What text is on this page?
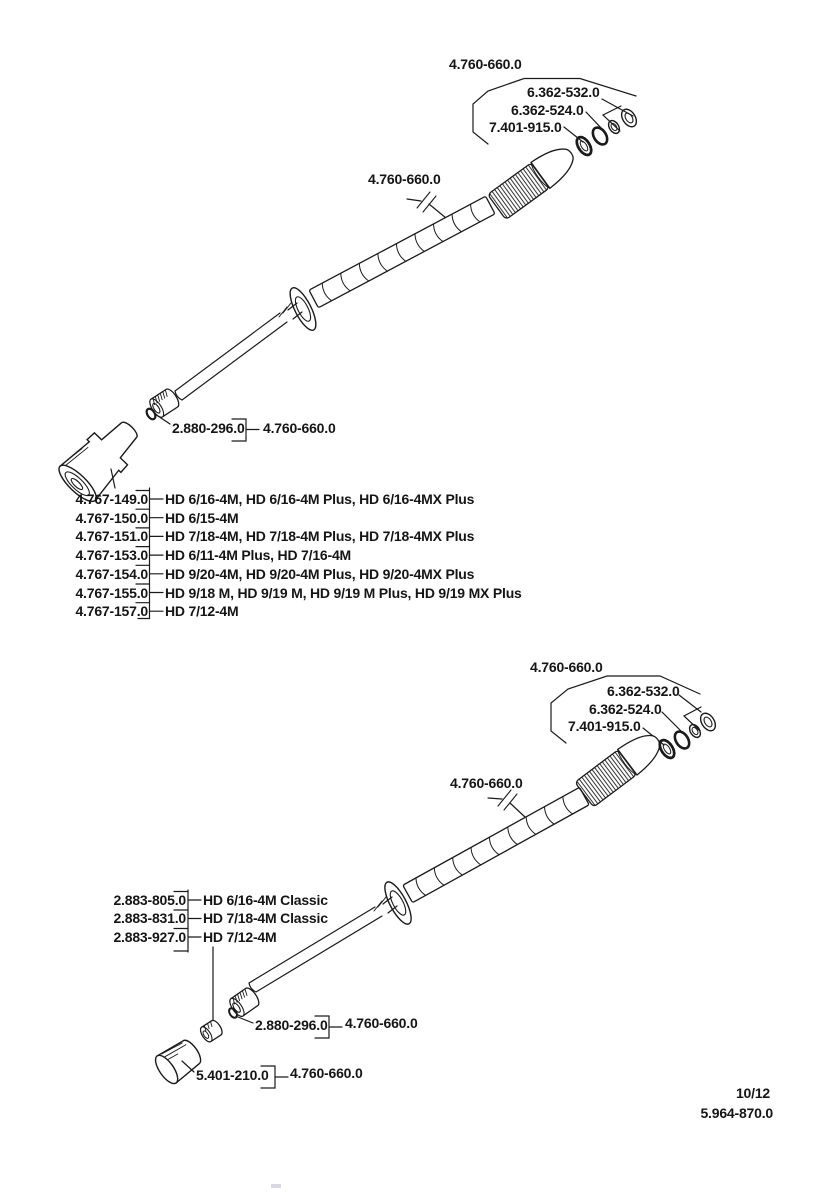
4.760-660.0
6.362-532.0
6.362-524.0
7.401-915.0
4.760-660.0
2.880-296.0 4.760-660.0
4.767-149.0 HD 6/16-4M, HD 6/16-4M Plus, HD 6/16-4MX Plus
4.767-150.0 HD 6/15-4M
4.767-151.0 HD 7/18-4M, HD 7/18-4M Plus, HD 7/18-4MX Plus
4.767-153.0 HD 6/11-4M Plus, HD 7/16-4M
4.767-154.0 HD 9/20-4M, HD 9/20-4M Plus, HD 9/20-4MX Plus
4.767-155.0 HD 9/18 M, HD 9/19 M, HD 9/19 M Plus, HD 9/19 MX Plus
4.767-157.0 HD 7/12-4M
4.760-660.0
6.362-532.0
6.362-524.0
7.401-915.0
4.760-660.0
2.883-805.0 HD 6/16-4M Classic
2.883-831.0 HD 7/18-4M Classic
2.883-927.0 HD 7/12-4M
2.880-296.0 4.760-660.0
5.401-210.0 4.760-660.0
10/12
5.964-870.0
